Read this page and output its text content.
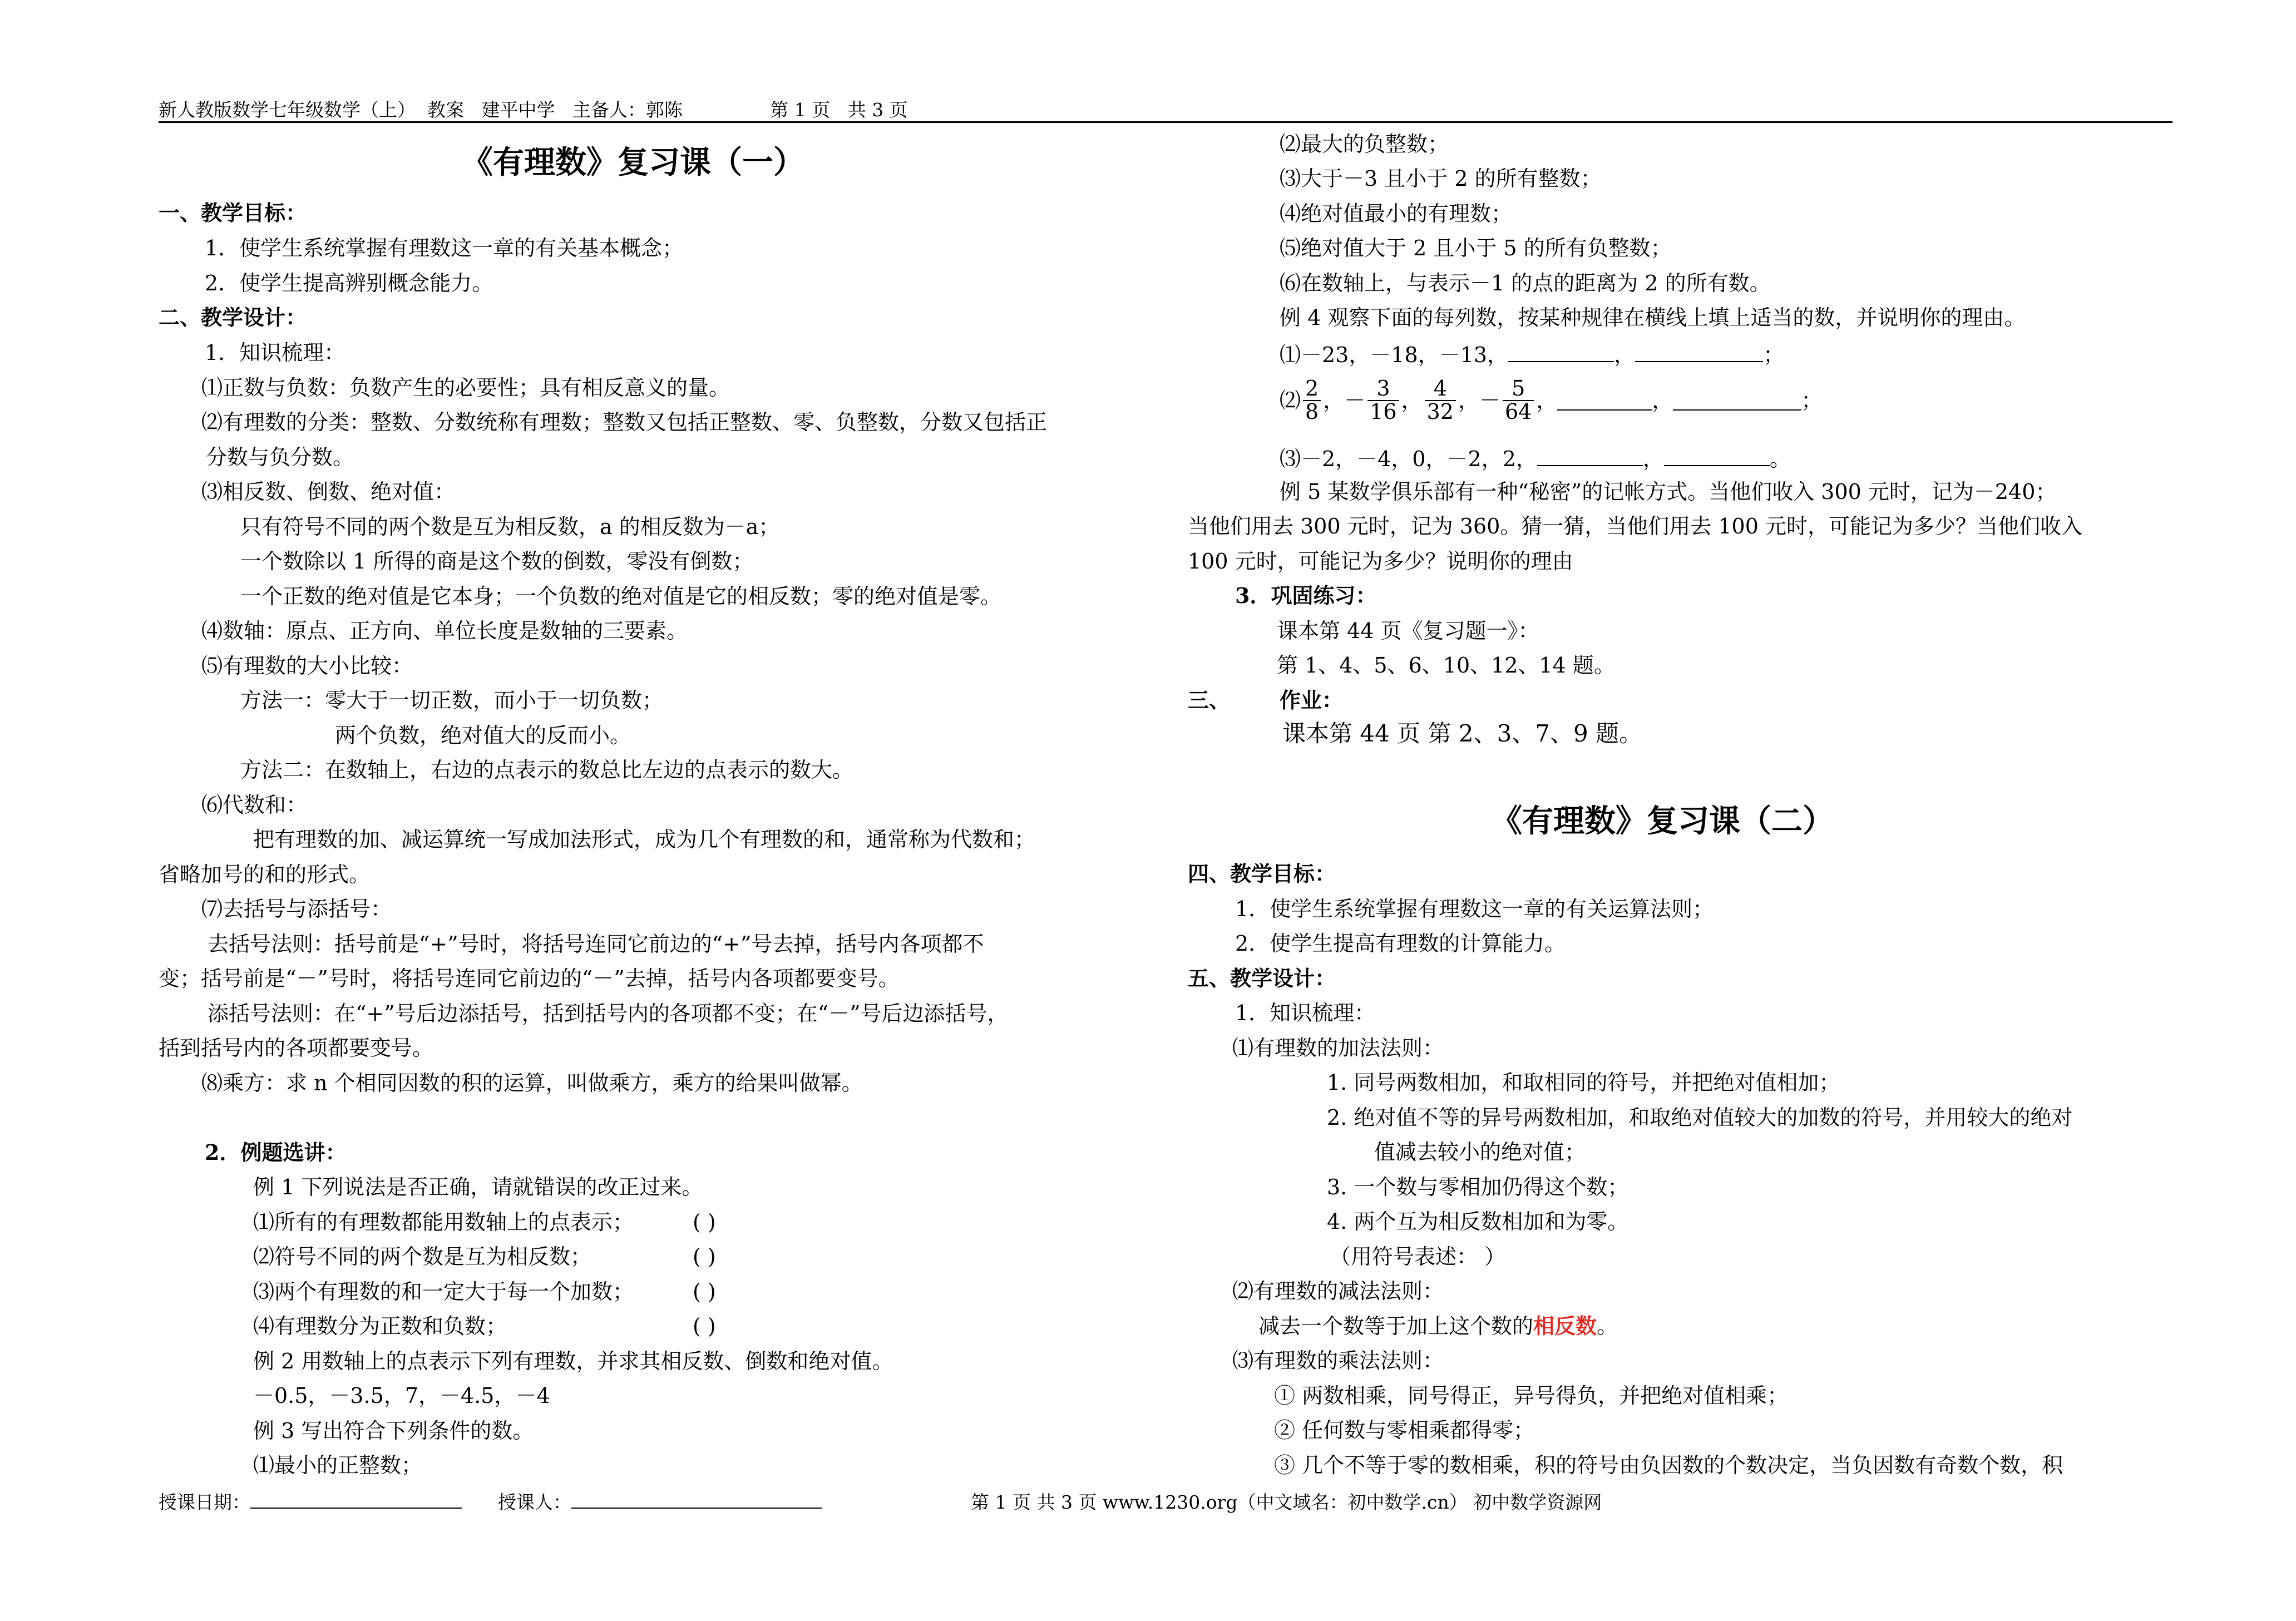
新人教版数学七年级数学（上）  教案   建平中学   主备人：郭陈               第 1 页   共 3 页
《有理数》复习课（一）
一、教学目标：
1．使学生系统掌握有理数这一章的有关基本概念；
2．使学生提高辨别概念能力。
二、教学设计：
1．知识梳理：
⑴正数与负数：负数产生的必要性；具有相反意义的量。
⑵有理数的分类：整数、分数统称有理数；整数又包括正整数、零、负整数，分数又包括正
分数与负分数。
⑶相反数、倒数、绝对值：
只有符号不同的两个数是互为相反数，a 的相反数为－a；
一个数除以 1 所得的商是这个数的倒数，零没有倒数；
一个正数的绝对值是它本身；一个负数的绝对值是它的相反数；零的绝对值是零。
⑷数轴：原点、正方向、单位长度是数轴的三要素。
⑸有理数的大小比较：
方法一：零大于一切正数，而小于一切负数；
两个负数，绝对值大的反而小。
方法二：在数轴上，右边的点表示的数总比左边的点表示的数大。
⑹代数和：
把有理数的加、减运算统一写成加法形式，成为几个有理数的和，通常称为代数和；
省略加号的和的形式。
⑺去括号与添括号：
去括号法则：括号前是“+”号时，将括号连同它前边的“+”号去掉，括号内各项都不
变；括号前是“－”号时，将括号连同它前边的“－”去掉，括号内各项都要变号。
添括号法则：在“+”号后边添括号，括到括号内的各项都不变；在“－”号后边添括号，
括到括号内的各项都要变号。
⑻乘方：求 n 个相同因数的积的运算，叫做乘方，乘方的给果叫做幂。
2．例题选讲：
例 1 下列说法是否正确，请就错误的改正过来。
⑴所有的有理数都能用数轴上的点表示；	( )
⑵符号不同的两个数是互为相反数；	( )
⑶两个有理数的和一定大于每一个加数；	( )
⑷有理数分为正数和负数；	( )
例 2 用数轴上的点表示下列有理数，并求其相反数、倒数和绝对值。
－0.5，－3.5，7，－4.5，－4
例 3 写出符合下列条件的数。
⑴最小的正整数；
⑵最大的负整数；
⑶大于－3 且小于 2 的所有整数；
⑷绝对值最小的有理数；
⑸绝对值大于 2 且小于 5 的所有负整数；
⑹在数轴上，与表示－1 的点的距离为 2 的所有数。
例 4 观察下面的每列数，按某种规律在横线上填上适当的数，并说明你的理由。
⑴－23，－18，－13，	，	；
⑵ $\frac{2}{8}$ ， － $\frac{3}{16}$ ， $\frac{4}{32}$ ， － $\frac{5}{64}$ ，	，	；
⑶－2，－4，0，－2，2，	，	。
例 5 某数学俱乐部有一种“秘密”的记帐方式。当他们收入 300 元时，记为－240；
当他们用去 300 元时，记为 360。猜一猜，当他们用去 100 元时，可能记为多少？当他们收入
100 元时，可能记为多少？说明你的理由
3．巩固练习：
课本第 44 页《复习题一》：
第 1、4、5、6、10、12、14 题。
三、 作业：
课本第 44 页 第 2、3、7、9 题。
《有理数》复习课（二）
四、教学目标：
1．使学生系统掌握有理数这一章的有关运算法则；
2．使学生提高有理数的计算能力。
五、教学设计：
1．知识梳理：
⑴有理数的加法法则：
1. 同号两数相加，和取相同的符号，并把绝对值相加；
2. 绝对值不等的异号两数相加，和取绝对值较大的加数的符号，并用较大的绝对
值减去较小的绝对值；
3. 一个数与零相加仍得这个数；
4. 两个互为相反数相加和为零。
（用符号表述： ）
⑵有理数的减法法则：
减去一个数等于加上这个数的相反数。
⑶有理数的乘法法则：
① 两数相乘，同号得正，异号得负，并把绝对值相乘；
② 任何数与零相乘都得零；
③ 几个不等于零的数相乘，积的符号由负因数的个数决定，当负因数有奇数个数，积
授课日期：	授课人：	第 1 页 共 3 页 www.1230.org（中文域名：初中数学.cn） 初中数学资源网
